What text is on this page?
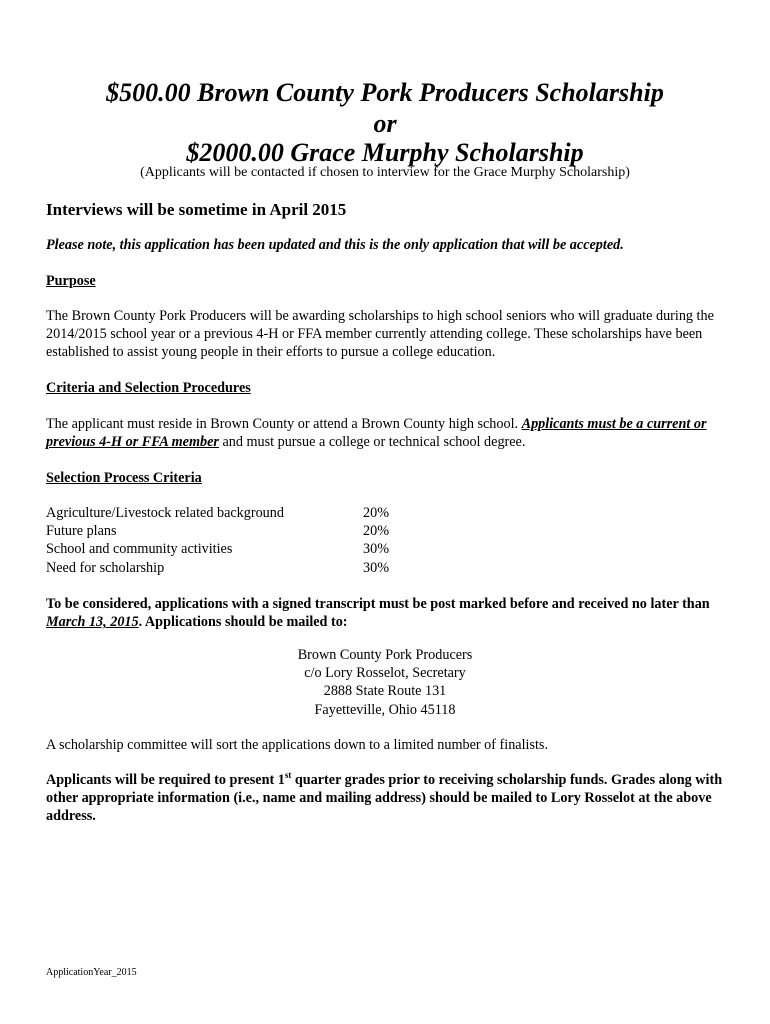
$500.00 Brown County Pork Producers Scholarship
or
$2000.00 Grace Murphy Scholarship
(Applicants will be contacted if chosen to interview for the Grace Murphy Scholarship)
Interviews will be sometime in April 2015
Please note, this application has been updated and this is the only application that will be accepted.
Purpose
The Brown County Pork Producers will be awarding scholarships to high school seniors who will graduate during the 2014/2015 school year or a previous 4-H or FFA member currently attending college. These scholarships have been established to assist young people in their efforts to pursue a college education.
Criteria and Selection Procedures
The applicant must reside in Brown County or attend a Brown County high school. Applicants must be a current or previous 4-H or FFA member and must pursue a college or technical school degree.
Selection Process Criteria
Agriculture/Livestock related background	20%
Future plans	20%
School and community activities	30%
Need for scholarship	30%
To be considered, applications with a signed transcript must be post marked before and received no later than March 13, 2015. Applications should be mailed to:
Brown County Pork Producers
c/o Lory Rosselot, Secretary
2888 State Route 131
Fayetteville, Ohio 45118
A scholarship committee will sort the applications down to a limited number of finalists.
Applicants will be required to present 1st quarter grades prior to receiving scholarship funds. Grades along with other appropriate information (i.e., name and mailing address) should be mailed to Lory Rosselot at the above address.
ApplicationYear_2015
